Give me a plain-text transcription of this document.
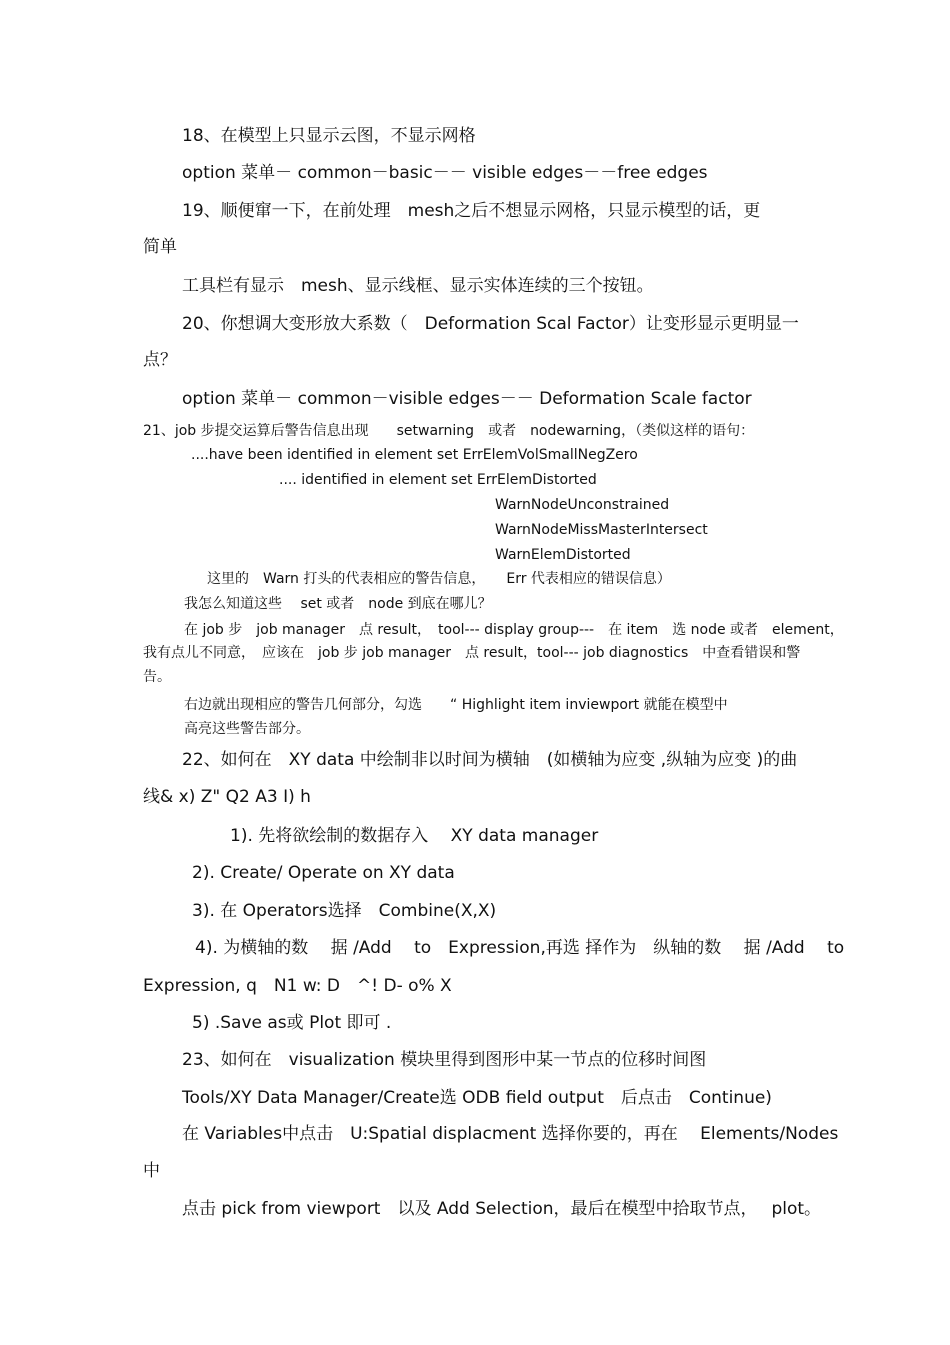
18、在模型上只显示云图，不显示网格
option 菜单－ common－basic－－ visible edges－－free edges
19、顺便窜一下，在前处理　mesh之后不想显示网格，只显示模型的话，更
简单
工具栏有显示　mesh、显示线框、显示实体连续的三个按钮。
20、你想调大变形放大系数（　Deformation Scal Factor）让变形显示更明显一
点？
option 菜单－ common－visible edges－－ Deformation Scale factor
21、job 步提交运算后警告信息出现　　setwarning　或者　nodewarning，（类似这样的语句：
....have been identified in element set ErrElemVolSmallNegZero
.... identified in element set ErrElemDistorted
WarnNodeUnconstrained
WarnNodeMissMasterIntersect
WarnElemDistorted
这里的　Warn 打头的代表相应的警告信息，　　Err 代表相应的错误信息）
我怎么知道这些　 set 或者　node 到底在哪儿？
在 job 步　job manager　点 result，　tool--- display group---　在 item　选 node 或者　element，
我有点儿不同意，　应该在　job 步 job manager　点 result，tool--- job diagnostics　中查看错误和警
告。
右边就出现相应的警告几何部分，勾选　　“ Highlight item inviewport 就能在模型中
高亮这些警告部分。
22、如何在　XY data 中绘制非以时间为横轴　(如横轴为应变 ,纵轴为应变 )的曲
线& x) Z" Q2 A3 I) h
1). 先将欲绘制的数据存入　 XY data manager
2). Create/ Operate on XY data
3). 在 Operators选择　Combine(X,X)
4). 为横轴的数　 据 /Add　 to　Expression,再选 择作为　纵轴的数　 据 /Add　 to
Expression, q　N1 w: D　^! D- o% X
5) .Save as或 Plot 即可 .
23、如何在　visualization 模块里得到图形中某一节点的位移时间图
Tools/XY Data Manager/Create选 ODB field output　后点击　Continue)
在 Variables中点击　U:Spatial displacment 选择你要的，再在　 Elements/Nodes
中
点击 pick from viewport　以及 Add Selection，最后在模型中拾取节点，　 plot。
